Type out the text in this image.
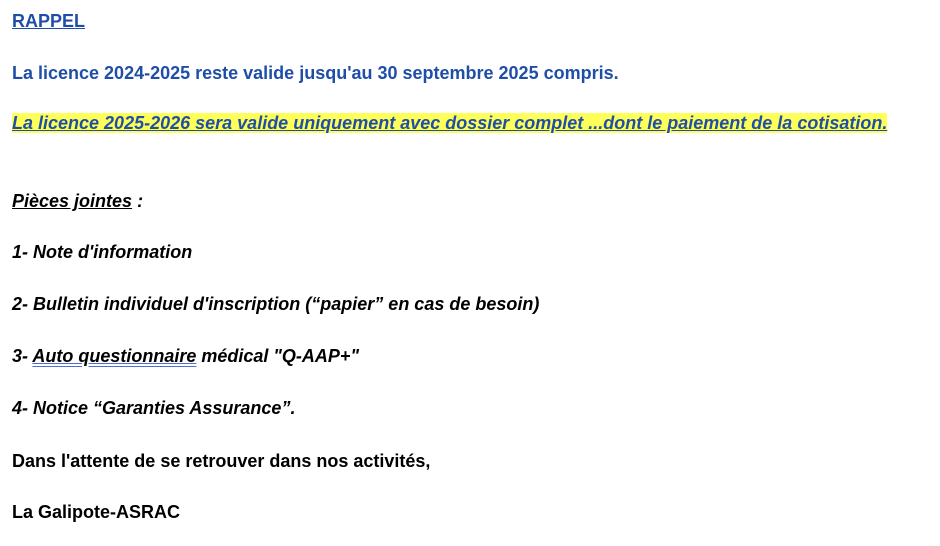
RAPPEL
La licence 2024-2025 reste valide jusqu'au 30 septembre 2025 compris.
La licence 2025-2026 sera valide uniquement avec dossier complet ...dont le paiement de la cotisation.
Pièces jointes :
1- Note d'information
2- Bulletin individuel d'inscription (“papier” en cas de besoin)
3- Auto questionnaire médical "Q-AAP+"
4- Notice “Garanties Assurance”.
Dans l'attente de se retrouver dans nos activités,
La Galipote-ASRAC
